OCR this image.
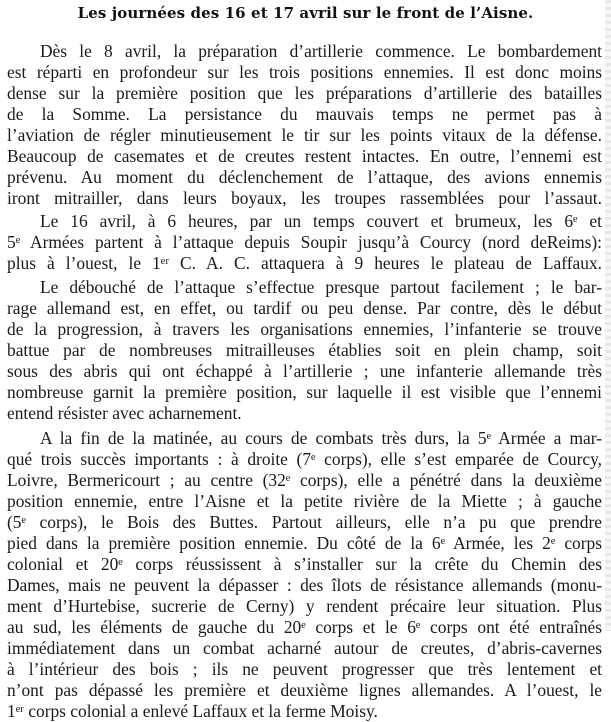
Les journées des 16 et 17 avril sur le front de l’Aisne.
Dès le 8 avril, la préparation d’artillerie commence. Le bombardement
est réparti en profondeur sur les trois positions ennemies. Il est donc moins
dense sur la première position que les préparations d’artillerie des batailles
de la Somme. La persistance du mauvais temps ne permet pas à
l’aviation de régler minutieusement le tir sur les points vitaux de la défense.
Beaucoup de casemates et de creutes restent intactes. En outre, l’ennemi est
prévenu. Au moment du déclenchement de l’attaque, des avions ennemis
iront mitrailler, dans leurs boyaux, les troupes rassemblées pour l’assaut.
Le 16 avril, à 6 heures, par un temps couvert et brumeux, les 6ᵉ et
5ᵉ Armées partent à l’attaque depuis Soupir jusqu’à Courcy (nord deReims):
plus à l’ouest, le 1ᵉʳ C. A. C. attaquera à 9 heures le plateau de Laffaux.
Le débouché de l’attaque s’effectue presque partout facilement ; le bar-
rage allemand est, en effet, ou tardif ou peu dense. Par contre, dès le début
de la progression, à travers les organisations ennemies, l’infanterie se trouve
battue par de nombreuses mitrailleuses établies soit en plein champ, soit
sous des abris qui ont échappé à l’artillerie ; une infanterie allemande très
nombreuse garnit la première position, sur laquelle il est visible que l’ennemi
entend résister avec acharnement.
A la fin de la matinée, au cours de combats très durs, la 5ᵉ Armée a mar-
qué trois succès importants : à droite (7ᵉ corps), elle s’est emparée de Courcy,
Loivre, Bermericourt ; au centre (32ᵉ corps), elle a pénétré dans la deuxième
position ennemie, entre l’Aisne et la petite rivière de la Miette ; à gauche
(5ᵉ corps), le Bois des Buttes. Partout ailleurs, elle n’a pu que prendre
pied dans la première position ennemie. Du côté de la 6ᵉ Armée, les 2ᵉ corps
colonial et 20ᵉ corps réussissent à s’installer sur la crête du Chemin des
Dames, mais ne peuvent la dépasser : des îlots de résistance allemands (monu-
ment d’Hurtebise, sucrerie de Cerny) y rendent précaire leur situation. Plus
au sud, les éléments de gauche du 20ᵉ corps et le 6ᵉ corps ont été entraînés
immédiatement dans un combat acharné autour de creutes, d’abris-cavernes
à l’intérieur des bois ; ils ne peuvent progresser que très lentement et
n’ont pas dépassé les première et deuxième lignes allemandes. A l’ouest, le
1ᵉʳ corps colonial a enlevé Laffaux et la ferme Moisy.
